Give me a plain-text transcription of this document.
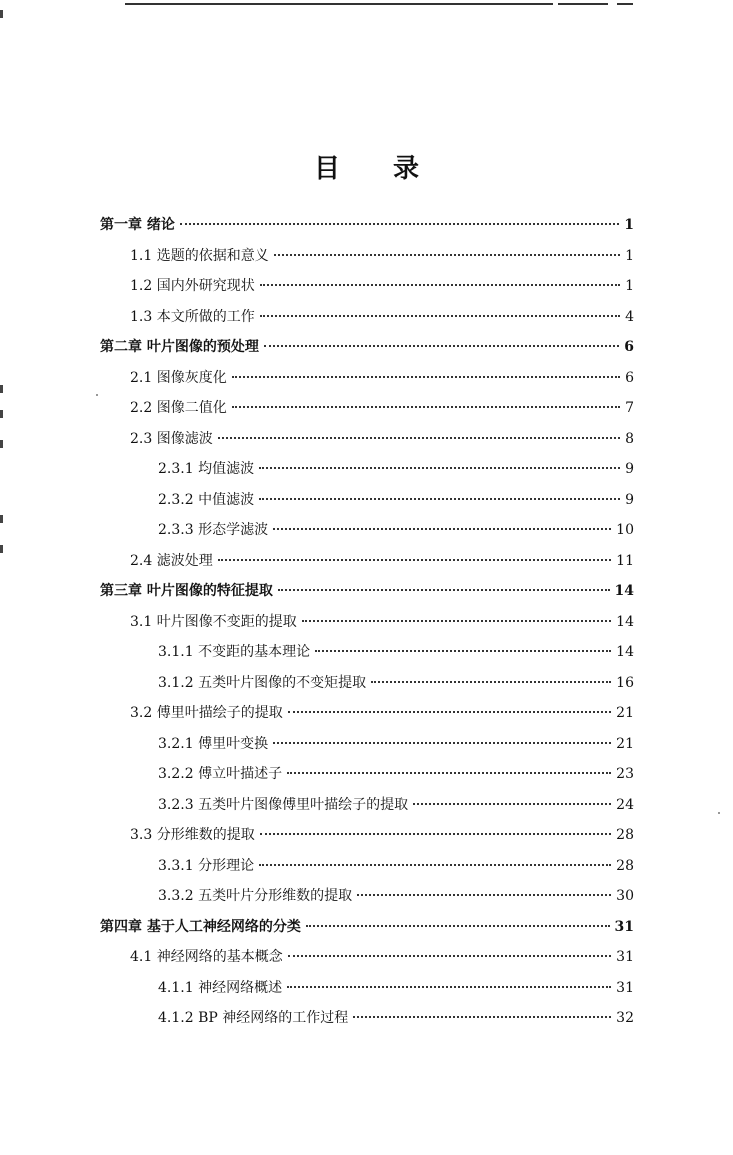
目 录
第一章 绪论	1
1.1 选题的依据和意义	1
1.2 国内外研究现状	1
1.3 本文所做的工作	4
第二章 叶片图像的预处理	6
2.1 图像灰度化	6
2.2 图像二值化	7
2.3 图像滤波	8
2.3.1 均值滤波	9
2.3.2 中值滤波	9
2.3.3 形态学滤波	10
2.4 滤波处理	11
第三章 叶片图像的特征提取	14
3.1 叶片图像不变距的提取	14
3.1.1 不变距的基本理论	14
3.1.2 五类叶片图像的不变矩提取	16
3.2 傅里叶描绘子的提取	21
3.2.1 傅里叶变换	21
3.2.2 傅立叶描述子	23
3.2.3 五类叶片图像傅里叶描绘子的提取	24
3.3 分形维数的提取	28
3.3.1 分形理论	28
3.3.2 五类叶片分形维数的提取	30
第四章 基于人工神经网络的分类	31
4.1 神经网络的基本概念	31
4.1.1 神经网络概述	31
4.1.2 BP 神经网络的工作过程	32
